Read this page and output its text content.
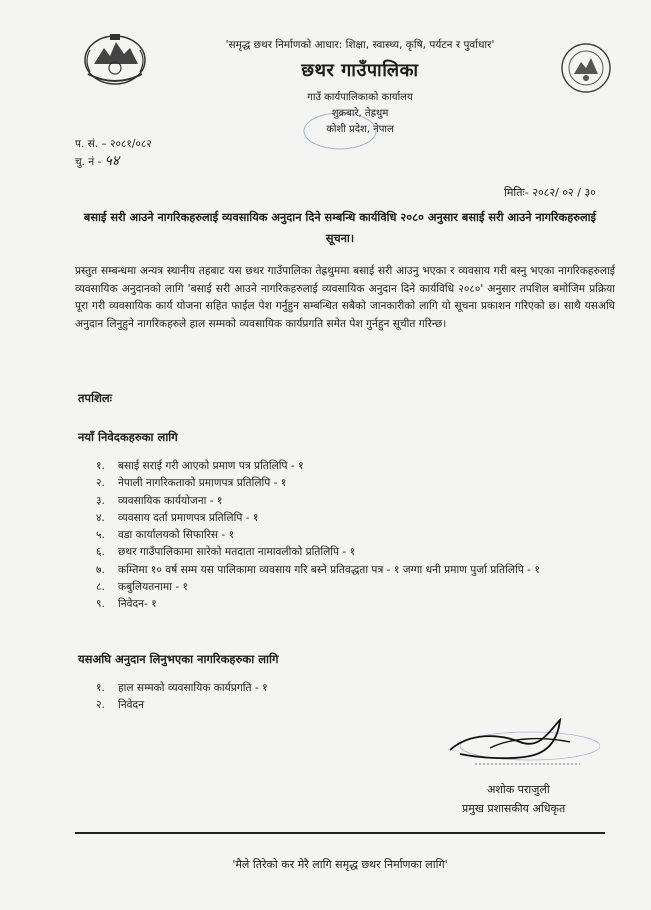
'समृद्ध छथर निर्माणको आधार: शिक्षा, स्वास्थ्य, कृषि, पर्यटन र पुर्वाधार'
छथर गाउँपालिका
गाउँ कार्यपालिकाको कार्यालय
शुक्रबारे, तेह्रथुम
कोशी प्रदेश, नेपाल
प. सं. – २०८१/०८२
चु. नं - ५४
मितिः- २०८२/ ०२ / ३०
बसाई सरी आउने नागरिकहरुलाई व्यवसायिक अनुदान दिने सम्बन्धि कार्यविधि २०८० अनुसार बसाई सरी आउने नागरिकहरुलाई सूचना।
प्रस्तुत सम्बन्धमा अन्यत्र स्थानीय तहबाट यस छथर गाउँपालिका तेह्रथुममा बसाई सरी आउनु भएका र व्यवसाय गरी बस्नु भएका नागरिकहरुलाई व्यवसायिक अनुदानको लागि 'बसाई सरी आउने नागरिकहरुलाई व्यवसायिक अनुदान दिने कार्यविधि २०८०' अनुसार तपशिल बमोजिम प्रक्रिया पूरा गरी व्यवसायिक कार्य योजना सहित फाईल पेश गर्नुहुन सम्बन्धित सबैको जानकारीको लागि यो सूचना प्रकाशन गरिएको छ। साथै यसअघि अनुदान लिनुहुने नागरिकहरुले हाल सम्मको व्यवसायिक कार्यप्रगति समेत पेश गुर्नहुन सूचीत गरिन्छ।
तपशिलः
नयाँ निवेदकहरुका लागि
१. बसाई सराई गरी आएको प्रमाण पत्र प्रतिलिपि - १
२. नेपाली नागरिकताको प्रमाणपत्र प्रतिलिपि - १
३. व्यवसायिक कार्ययोजना - १
४. व्यवसाय दर्ता प्रमाणपत्र प्रतिलिपि - १
५. वडा कार्यालयको सिफारिस - १
६. छथर गाउँपालिकामा सारेको मतदाता नामावलीको प्रतिलिपि - १
७. कम्तिमा १० वर्ष सम्म यस पालिकामा व्यवसाय गरि बस्ने प्रतिवद्धता पत्र - १ जग्गा धनी प्रमाण पुर्जा प्रतिलिपि - १
८. कबुलियतनामा - १
९. निवेदन- १
यसअघि अनुदान लिनुभएका नागरिकहरुका लागि
१. हाल सम्मको व्यवसायिक कार्यप्रगति - १
२. निवेदन
अशोक पराजुली
प्रमुख प्रशासकीय अधिकृत
'मैले तिरेको कर मेरै लागि समृद्ध छथर निर्माणका लागि'
